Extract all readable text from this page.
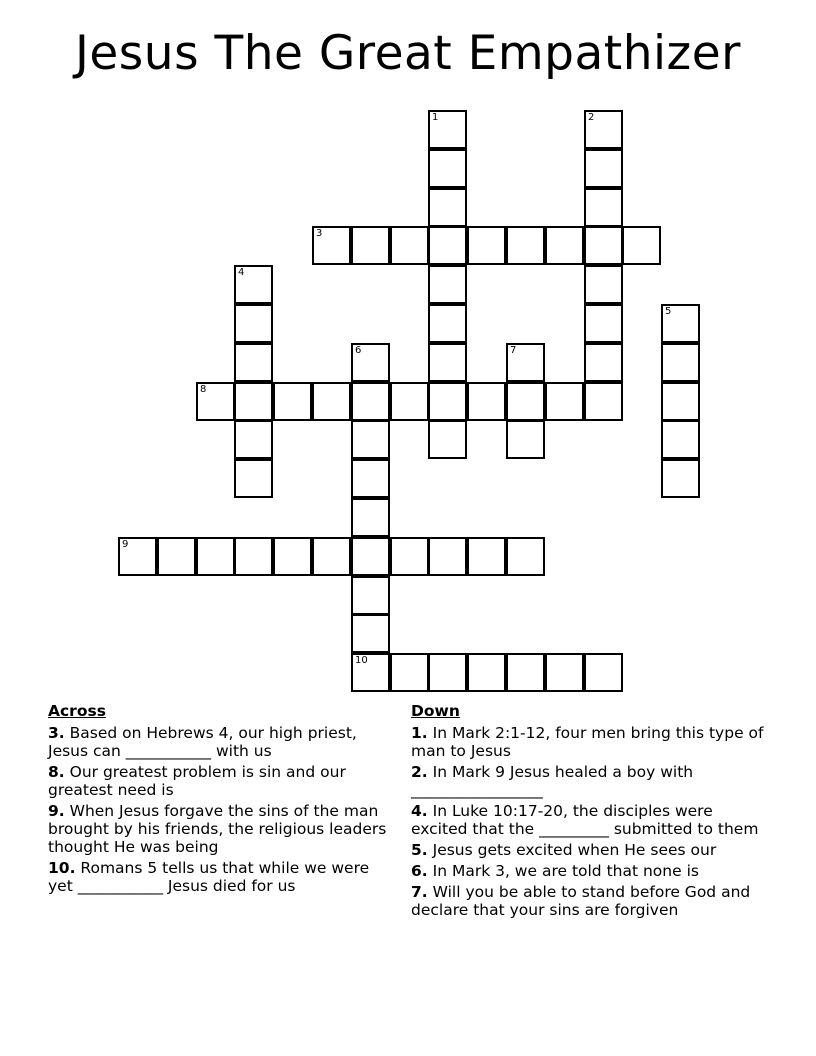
Jesus The Great Empathizer
1	2
3
4
5
6
10
7
8
9
Across
3. Based on Hebrews 4, our high priest, Jesus can ___________ with us
8. Our greatest problem is sin and our greatest need is
9. When Jesus forgave the sins of the man brought by his friends, the religious leaders thought He was being
10. Romans 5 tells us that while we were yet ___________ Jesus died for us
Down
1. In Mark 2:1-12, four men bring this type of man to Jesus
2. In Mark 9 Jesus healed a boy with _________________
4. In Luke 10:17-20, the disciples were excited that the _________ submitted to them
5. Jesus gets excited when He sees our
6. In Mark 3, we are told that none is
7. Will you be able to stand before God and declare that your sins are forgiven
